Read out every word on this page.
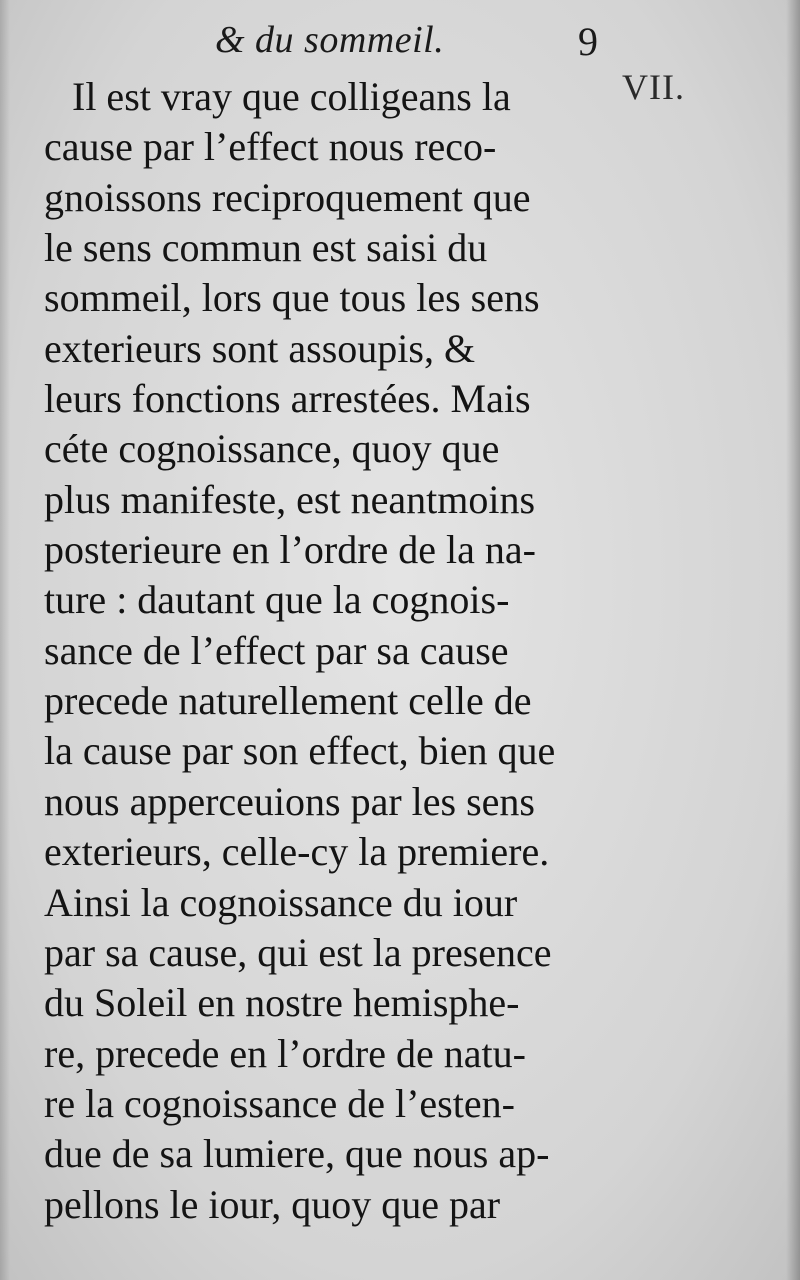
& du sommeil.	9
VII.
Il est vray que colligeans la
cause par l’effect nous reco-
gnoissons reciproquement que
le sens commun est saisi du
sommeil, lors que tous les sens
exterieurs sont assoupis, &
leurs fonctions arrestées. Mais
céte cognoissance, quoy que
plus manifeste, est neantmoins
posterieure en l’ordre de la na-
ture : dautant que la cognois-
sance de l’effect par sa cause
precede naturellement celle de
la cause par son effect, bien que
nous apperceuions par les sens
exterieurs, celle-cy la premiere.
Ainsi la cognoissance du iour
par sa cause, qui est la presence
du Soleil en nostre hemisphe-
re, precede en l’ordre de natu-
re la cognoissance de l’esten-
due de sa lumiere, que nous ap-
pellons le iour, quoy que par
